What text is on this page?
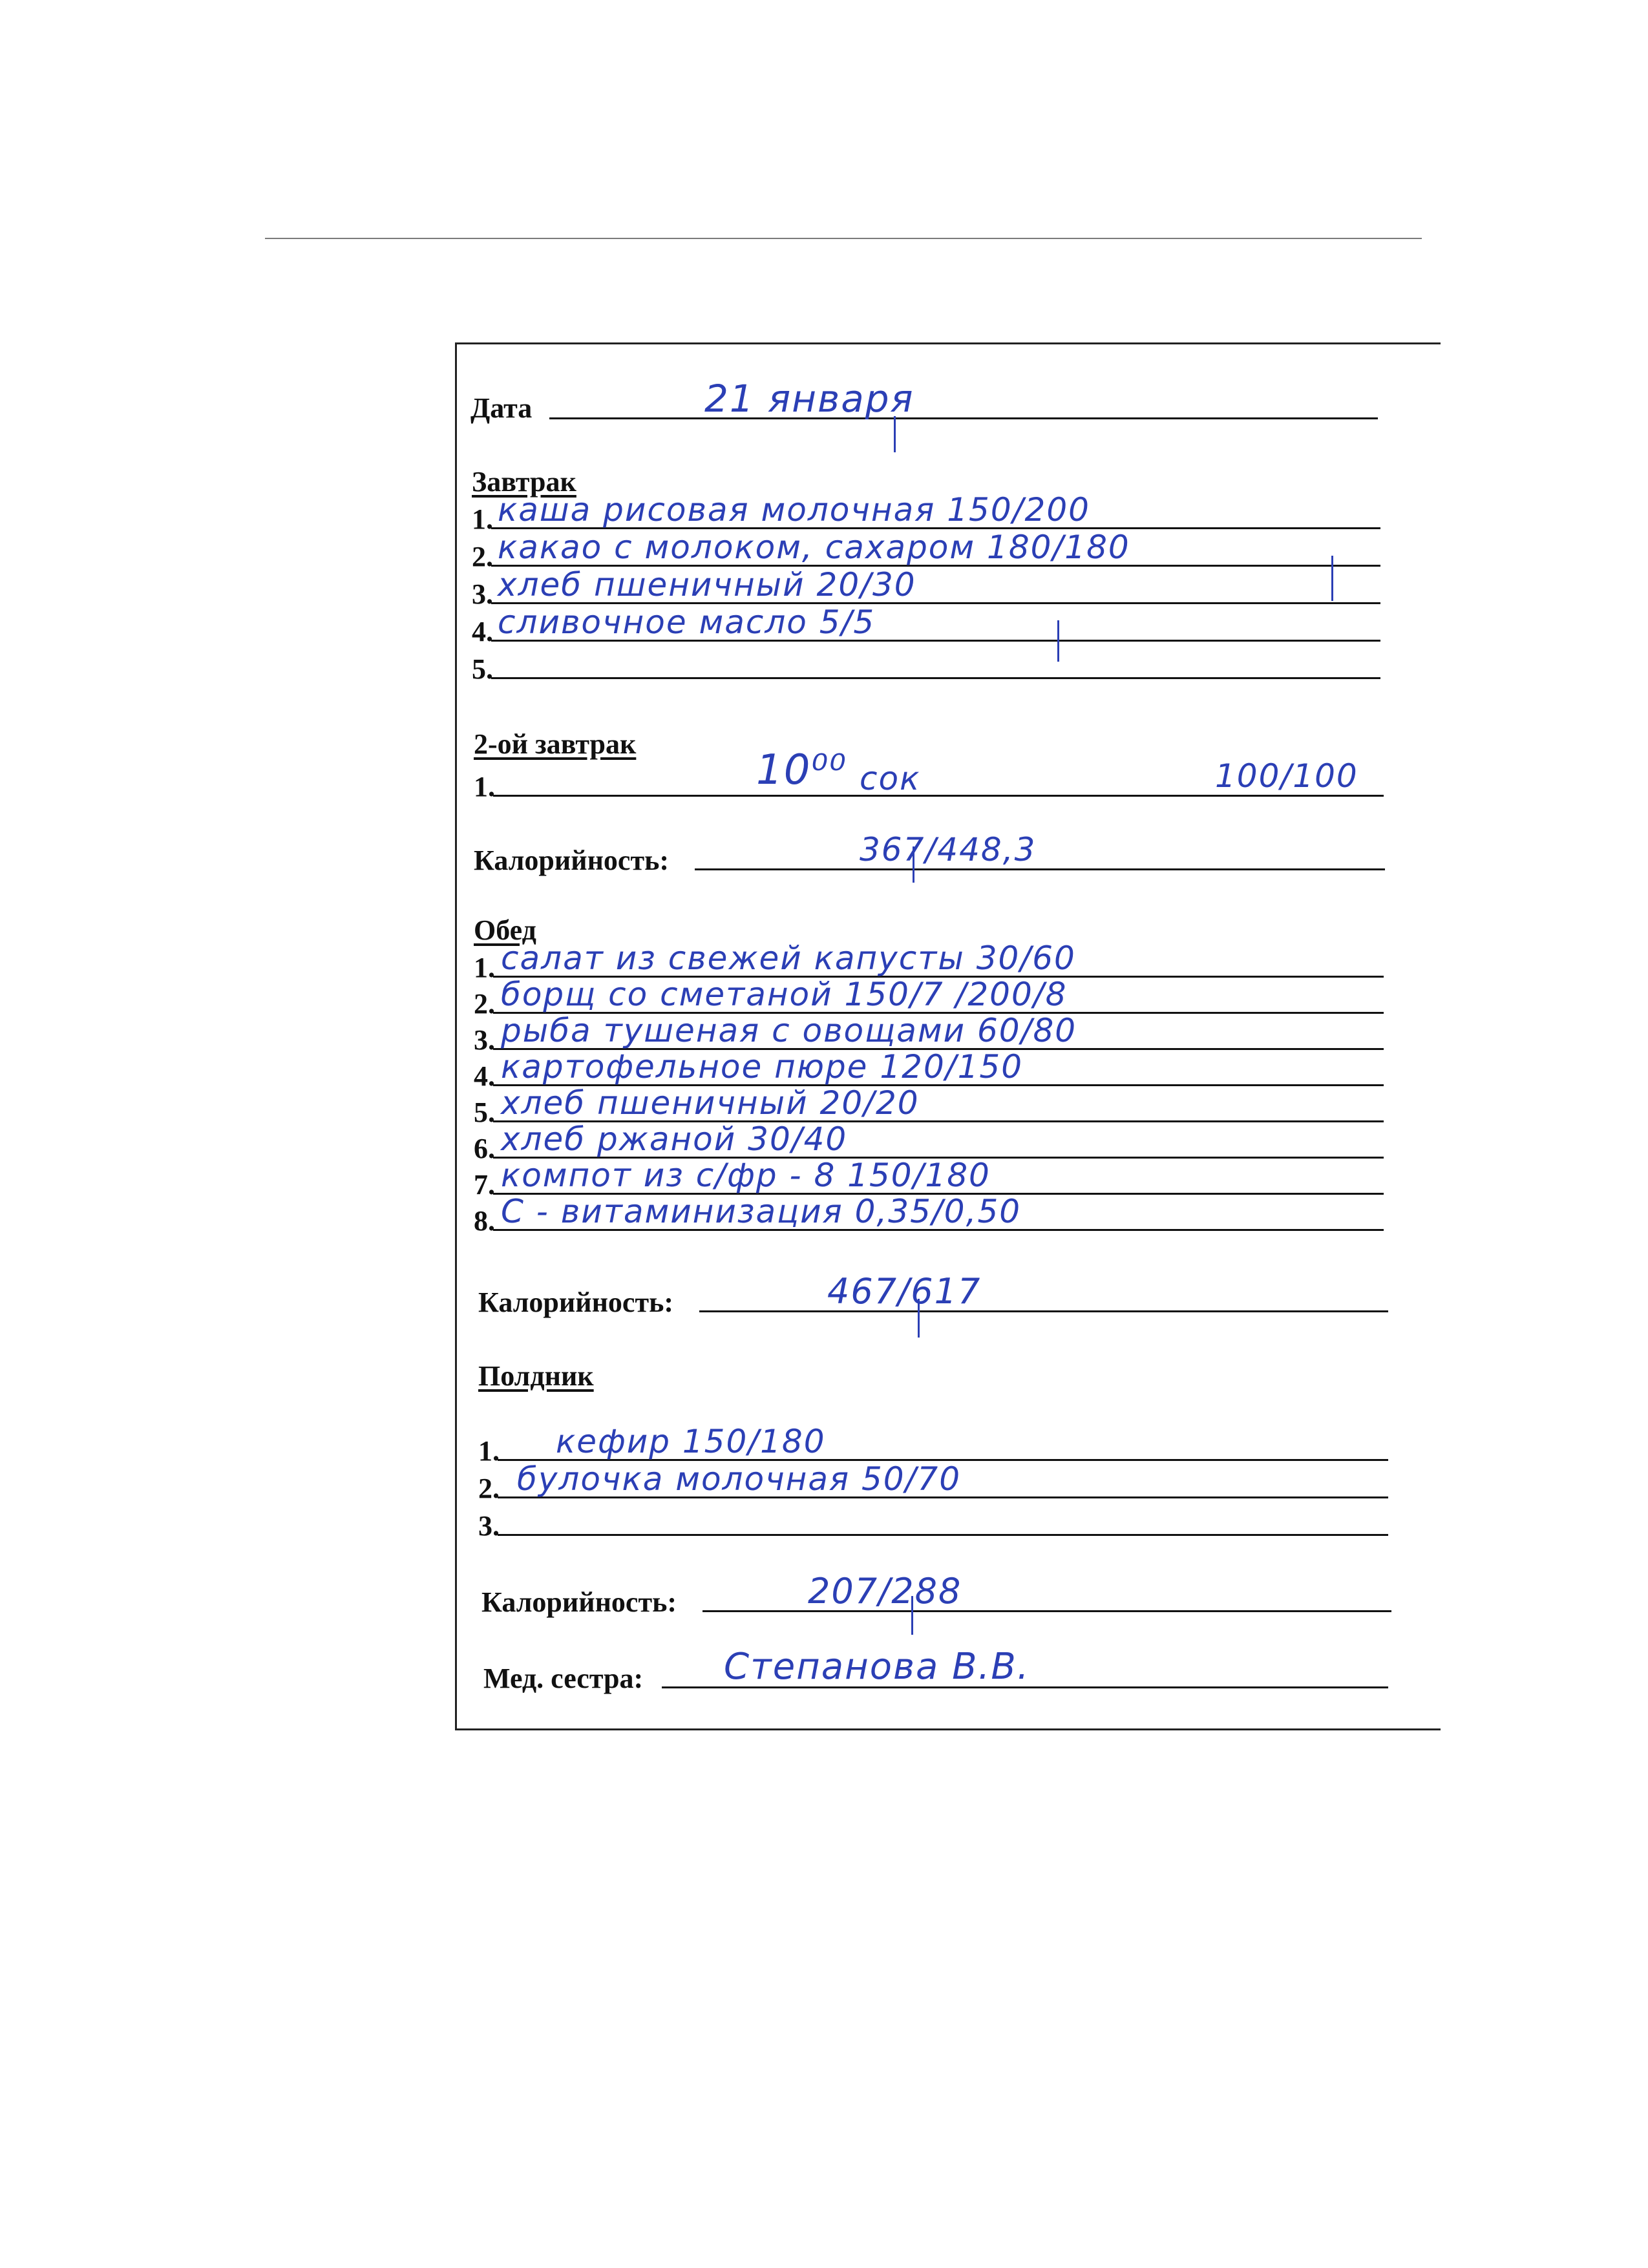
Дата	21 января
Завтрак
1. каша рисовая молочная 150/200
2. какао с молоком, сахаром 180/180
3. хлеб пшеничный 20/30
4. сливочное масло 5/5
5.
2-ой завтрак
1.	10⁰⁰ сок	100/100
Калорийность:	367/448,3
Обед
1. салат из свежей капусты 30/60
2. борщ со сметаной 150/7 /200/8
3. рыба тушеная с овощами 60/80
4. картофельное пюре 120/150
5. хлеб пшеничный 20/20
6. хлеб ржаной 30/40
7. компот из с/фр - 8 150/180
8. С - витаминизация 0,35/0,50
Калорийность:	467/617
Полдник
1. кефир 150/180
2. булочка молочная 50/70
3.
Калорийность:	207/288
Мед. сестра: Степанова В.В.
